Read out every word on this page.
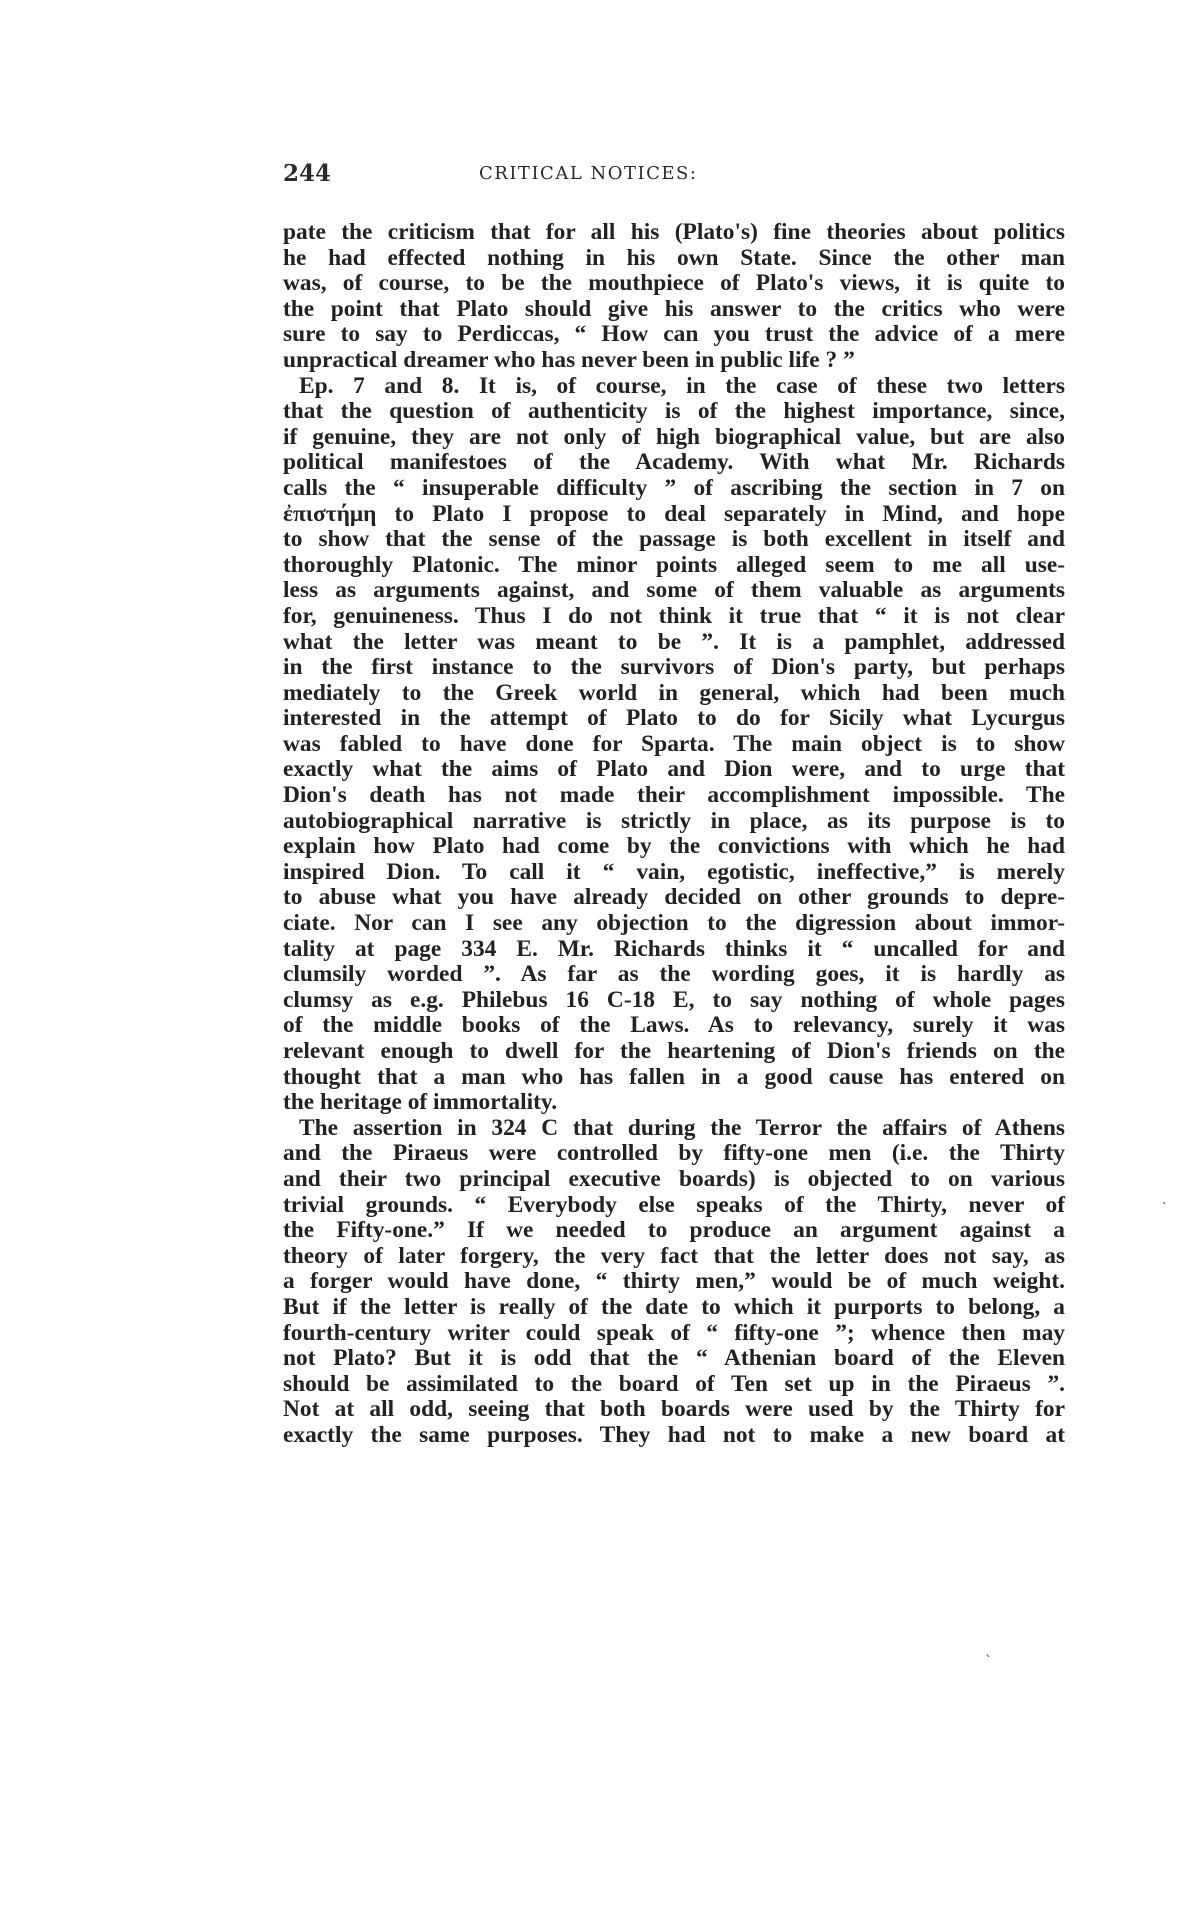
244	CRITICAL NOTICES:
pate the criticism that for all his (Plato's) fine theories about politics
he had effected nothing in his own State. Since the other man
was, of course, to be the mouthpiece of Plato's views, it is quite to
the point that Plato should give his answer to the critics who were
sure to say to Perdiccas, “ How can you trust the advice of a mere
unpractical dreamer who has never been in public life ? ”
Ep. 7 and 8. It is, of course, in the case of these two letters
that the question of authenticity is of the highest importance, since,
if genuine, they are not only of high biographical value, but are also
political manifestoes of the Academy. With what Mr. Richards
calls the “ insuperable difficulty ” of ascribing the section in 7 on
ἐπιστήμη to Plato I propose to deal separately in Mind, and hope
to show that the sense of the passage is both excellent in itself and
thoroughly Platonic. The minor points alleged seem to me all use-
less as arguments against, and some of them valuable as arguments
for, genuineness. Thus I do not think it true that “ it is not clear
what the letter was meant to be ”. It is a pamphlet, addressed
in the first instance to the survivors of Dion's party, but perhaps
mediately to the Greek world in general, which had been much
interested in the attempt of Plato to do for Sicily what Lycurgus
was fabled to have done for Sparta. The main object is to show
exactly what the aims of Plato and Dion were, and to urge that
Dion's death has not made their accomplishment impossible. The
autobiographical narrative is strictly in place, as its purpose is to
explain how Plato had come by the convictions with which he had
inspired Dion. To call it “ vain, egotistic, ineffective,” is merely
to abuse what you have already decided on other grounds to depre-
ciate. Nor can I see any objection to the digression about immor-
tality at page 334 E. Mr. Richards thinks it “ uncalled for and
clumsily worded ”. As far as the wording goes, it is hardly as
clumsy as e.g. Philebus 16 C-18 E, to say nothing of whole pages
of the middle books of the Laws. As to relevancy, surely it was
relevant enough to dwell for the heartening of Dion's friends on the
thought that a man who has fallen in a good cause has entered on
the heritage of immortality.
The assertion in 324 C that during the Terror the affairs of Athens
and the Piraeus were controlled by fifty-one men (i.e. the Thirty
and their two principal executive boards) is objected to on various
trivial grounds. “ Everybody else speaks of the Thirty, never of
the Fifty-one.” If we needed to produce an argument against a
theory of later forgery, the very fact that the letter does not say, as
a forger would have done, “ thirty men,” would be of much weight.
But if the letter is really of the date to which it purports to belong, a
fourth-century writer could speak of “ fifty-one ”; whence then may
not Plato? But it is odd that the “ Athenian board of the Eleven
should be assimilated to the board of Ten set up in the Piraeus ”.
Not at all odd, seeing that both boards were used by the Thirty for
exactly the same purposes. They had not to make a new board at
·
`
